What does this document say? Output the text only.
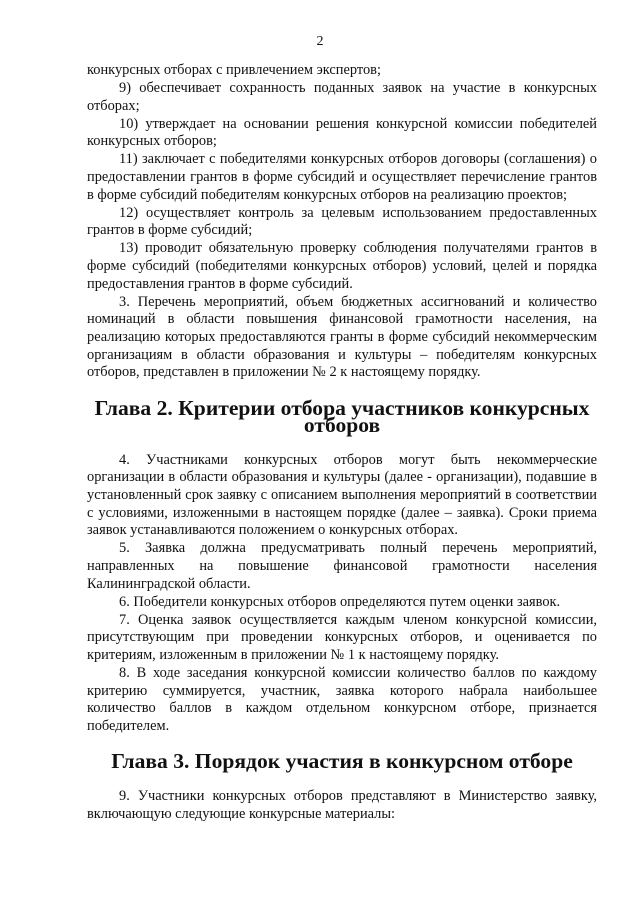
2

конкурсных отборах с привлечением экспертов;

9) обеспечивает сохранность поданных заявок на участие в конкурсных отборах;

10) утверждает на основании решения конкурсной комиссии победителей конкурсных отборов;

11) заключает с победителями конкурсных отборов договоры (соглашения) о предоставлении грантов в форме субсидий и осуществляет перечисление грантов в форме субсидий победителям конкурсных отборов на реализацию проектов;

12) осуществляет контроль за целевым использованием предоставленных грантов в форме субсидий;

13) проводит обязательную проверку соблюдения получателями грантов в форме субсидий (победителями конкурсных отборов) условий, целей и порядка предоставления грантов в форме субсидий.

3. Перечень мероприятий, объем бюджетных ассигнований и количество номинаций в области повышения финансовой грамотности населения, на реализацию которых предоставляются гранты в форме субсидий некоммерческим организациям в области образования и культуры – победителям конкурсных отборов, представлен в приложении № 2 к настоящему порядку.

Глава 2. Критерии отбора участников конкурсных отборов

4. Участниками конкурсных отборов могут быть некоммерческие организации в области образования и культуры (далее - организации), подавшие в установленный срок заявку с описанием выполнения мероприятий в соответствии с условиями, изложенными в настоящем порядке (далее – заявка). Сроки приема заявок устанавливаются положением о конкурсных отборах.

5. Заявка должна предусматривать полный перечень мероприятий, направленных на повышение финансовой грамотности населения Калининградской области.

6. Победители конкурсных отборов определяются путем оценки заявок.

7. Оценка заявок осуществляется каждым членом конкурсной комиссии, присутствующим при проведении конкурсных отборов, и оценивается по критериям, изложенным в приложении № 1 к настоящему порядку.

8. В ходе заседания конкурсной комиссии количество баллов по каждому критерию суммируется, участник, заявка которого набрала наибольшее количество баллов в каждом отдельном конкурсном отборе, признается победителем.

Глава 3. Порядок участия в конкурсном отборе

9. Участники конкурсных отборов представляют в Министерство заявку, включающую следующие конкурсные материалы:
